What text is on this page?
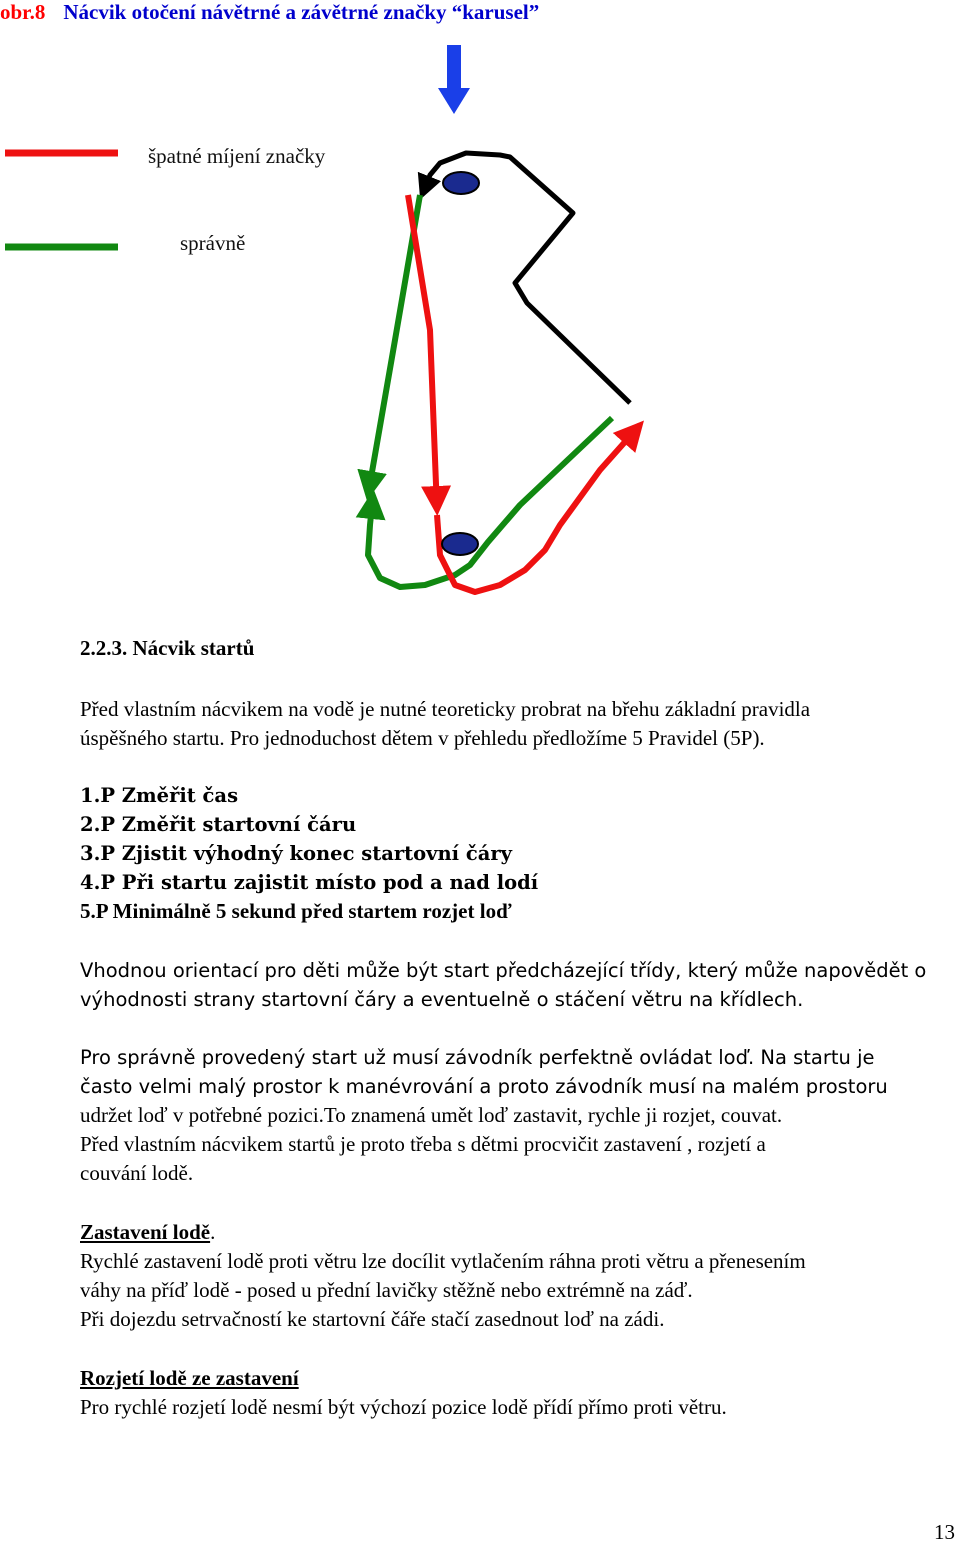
obr.8 Nácvik otočení návětrné a závětrné značky “karusel”
špatné míjení značky
správně
2.2.3. Nácvik startů
Před vlastním nácvikem na vodě je nutné teoreticky probrat na břehu základní pravidla
úspěšného startu. Pro jednoduchost dětem v přehledu předložíme 5 Pravidel (5P).
1.P Změřit čas
2.P Změřit startovní čáru
3.P Zjistit výhodný konec startovní čáry
4.P Při startu zajistit místo pod a nad lodí
5.P Minimálně 5 sekund před startem rozjet loď
Vhodnou orientací pro děti může být start předcházející třídy, který může napovědět o
výhodnosti strany startovní čáry a eventuelně o stáčení větru na křídlech.
Pro správně provedený start už musí závodník perfektně ovládat loď. Na startu je
často velmi malý prostor k manévrování a proto závodník musí na malém prostoru
udržet loď v potřebné pozici.To znamená umět loď zastavit, rychle ji rozjet, couvat.
Před vlastním nácvikem startů je proto třeba s dětmi procvičit zastavení , rozjetí a
couvání lodě.
Zastavení lodě.
Rychlé zastavení lodě proti větru lze docílit vytlačením ráhna proti větru a přenesením
váhy na příď lodě - posed u přední lavičky stěžně nebo extrémně na záď.
Při dojezdu setrvačností ke startovní čáře stačí zasednout loď na zádi.
Rozjetí lodě ze zastavení
Pro rychlé rozjetí lodě nesmí být výchozí pozice lodě přídí přímo proti větru.
13
